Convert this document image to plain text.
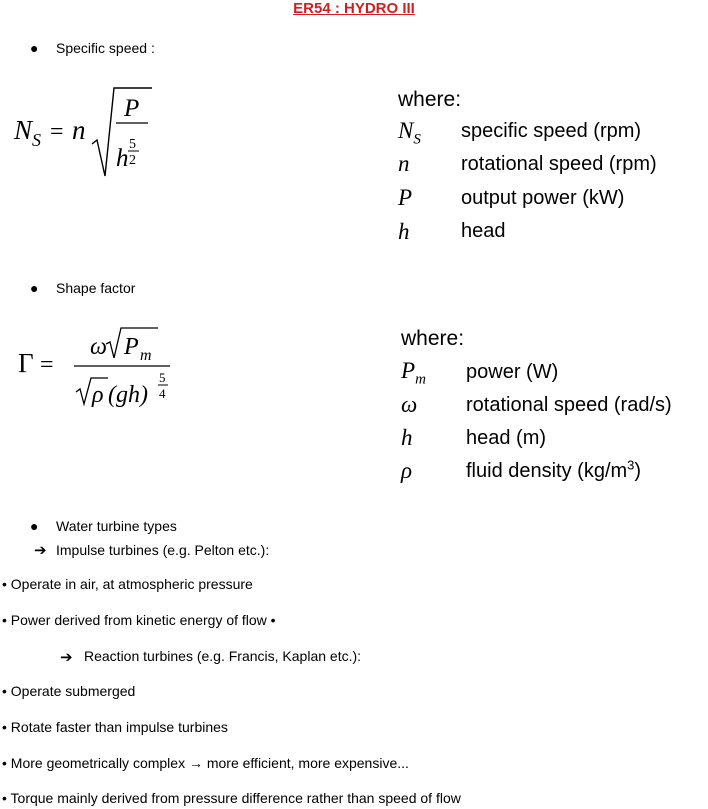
ER54 : HYDRO III
● Specific speed :
N S = n
P
h
5
2
where:
$N_S$ specific speed (rpm)
n	rotational speed (rpm)
P output power (kW)
h	head
● Shape factor
Γ =
ω P m
ρ (gh)
5
4
where:
$P_m$ power (W)
ω rotational speed (rad/s)
h	head (m)
ρ	fluid density $(kg/m^3)$
● Water turbine types
➔ Impulse turbines (e.g. Pelton etc.):
• Operate in air, at atmospheric pressure
• Power derived from kinetic energy of flow •
➔ Reaction turbines (e.g. Francis, Kaplan etc.):
• Operate submerged
• Rotate faster than impulse turbines
• More geometrically complex → more efficient, more expensive...
• Torque mainly derived from pressure difference rather than speed of flow
